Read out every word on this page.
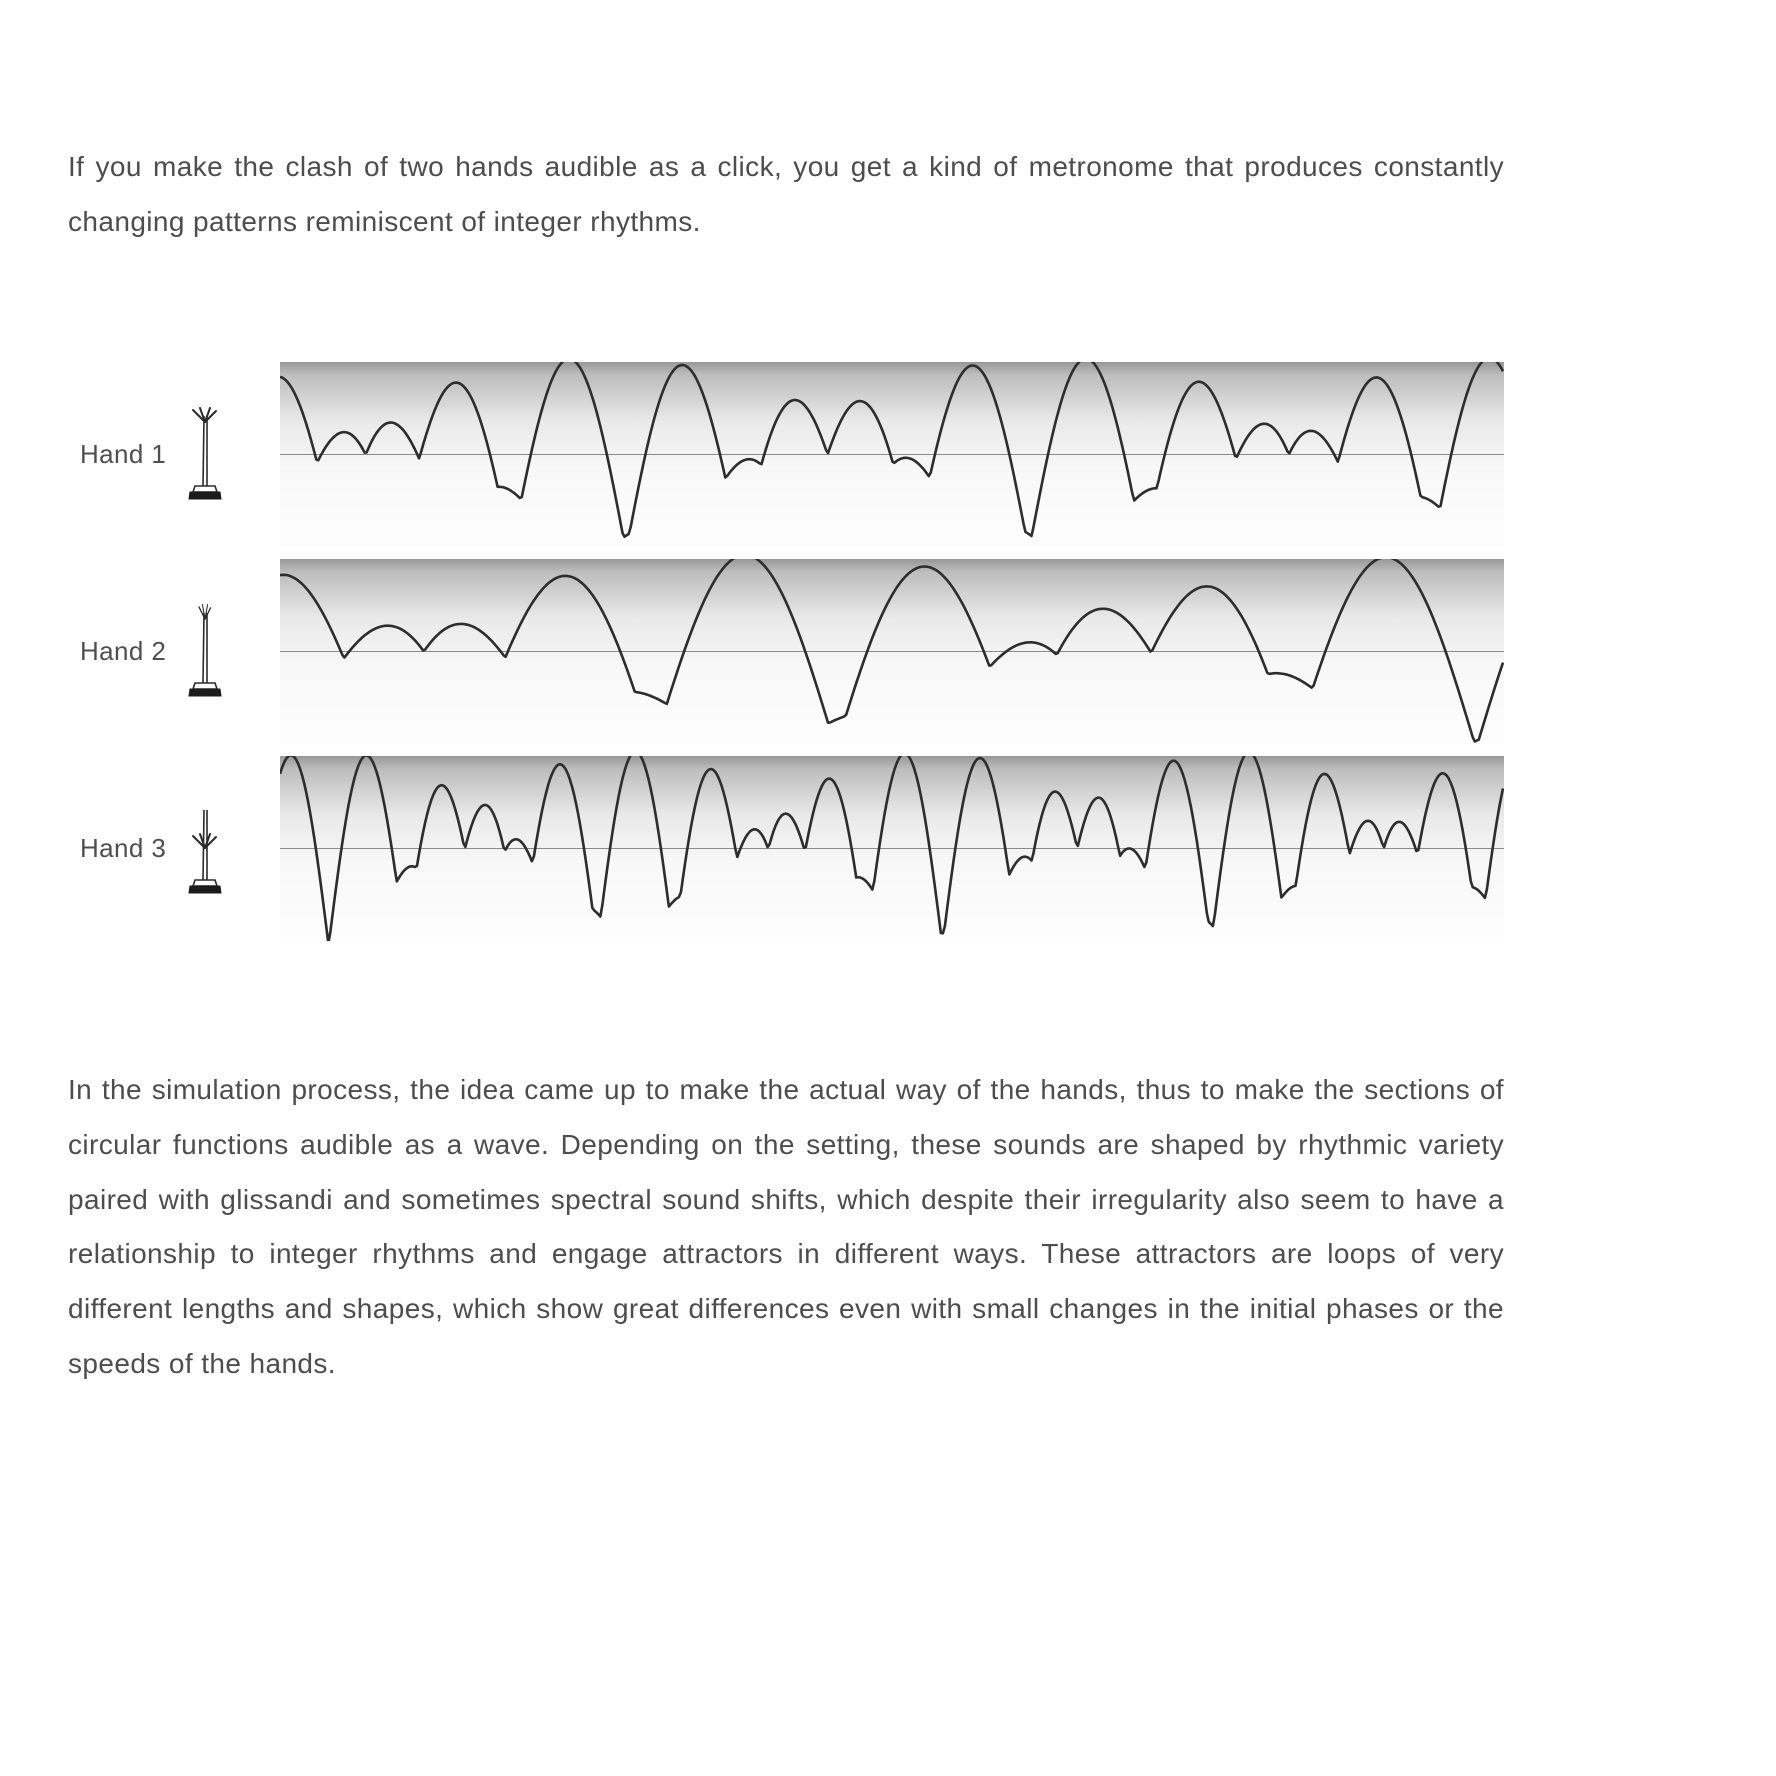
If you make the clash of two hands audible as a click, you get a kind of metronome that produces constantly changing patterns reminiscent of integer rhythms.

Hand 1
Hand 2
Hand 3

In the simulation process, the idea came up to make the actual way of the hands, thus to make the sections of circular functions audible as a wave. Depending on the setting, these sounds are shaped by rhythmic variety paired with glissandi and sometimes spectral sound shifts, which despite their irregularity also seem to have a relationship to integer rhythms and engage attractors in different ways. These attractors are loops of very different lengths and shapes, which show great differences even with small changes in the initial phases or the speeds of the hands.
